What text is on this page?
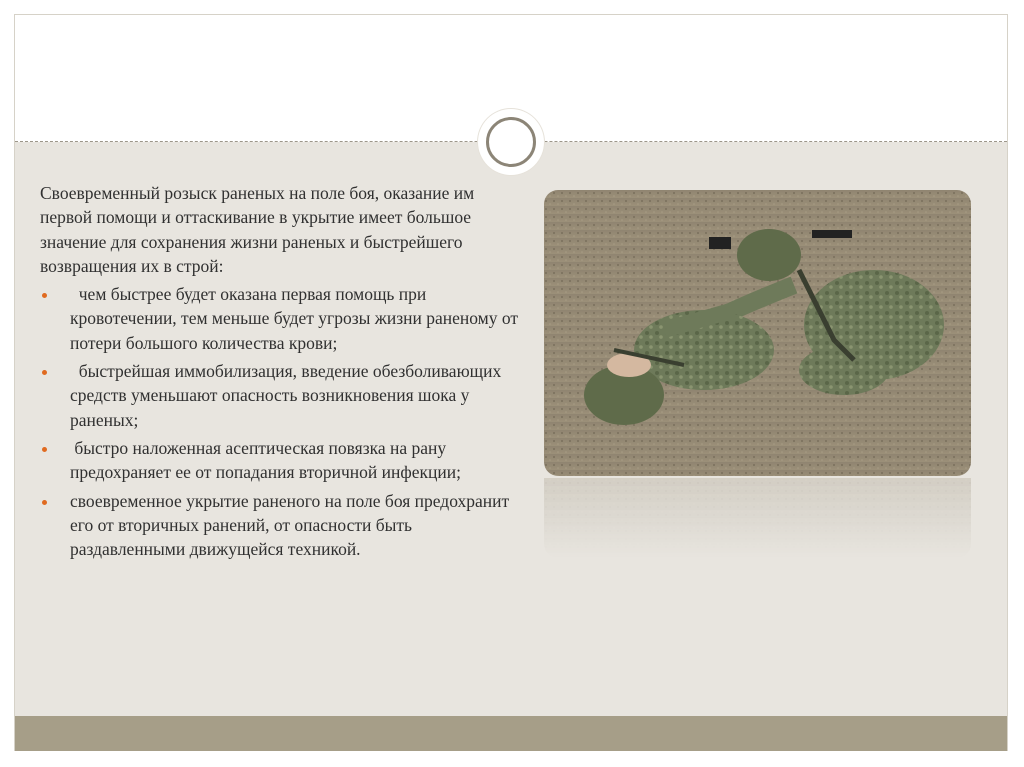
Своевременный розыск раненых на поле боя, оказание им первой помощи и оттаскивание в укрытие имеет большое значение для сохранения жизни раненых и быстрейшего возвращения их в строй:

чем быстрее будет оказана первая помощь при кровотечении, тем меньше будет угрозы жизни раненому от потери большого количества крови;
быстрейшая иммобилизация, введение обезболивающих средств уменьшают опасность возникновения шока у раненых;
быстро наложенная асептическая повязка на рану предохраняет ее от попадания вторичной инфекции;
своевременное укрытие раненого на поле боя предохранит его от вторичных ранений, от опасности быть раздавленными движущейся техникой.
